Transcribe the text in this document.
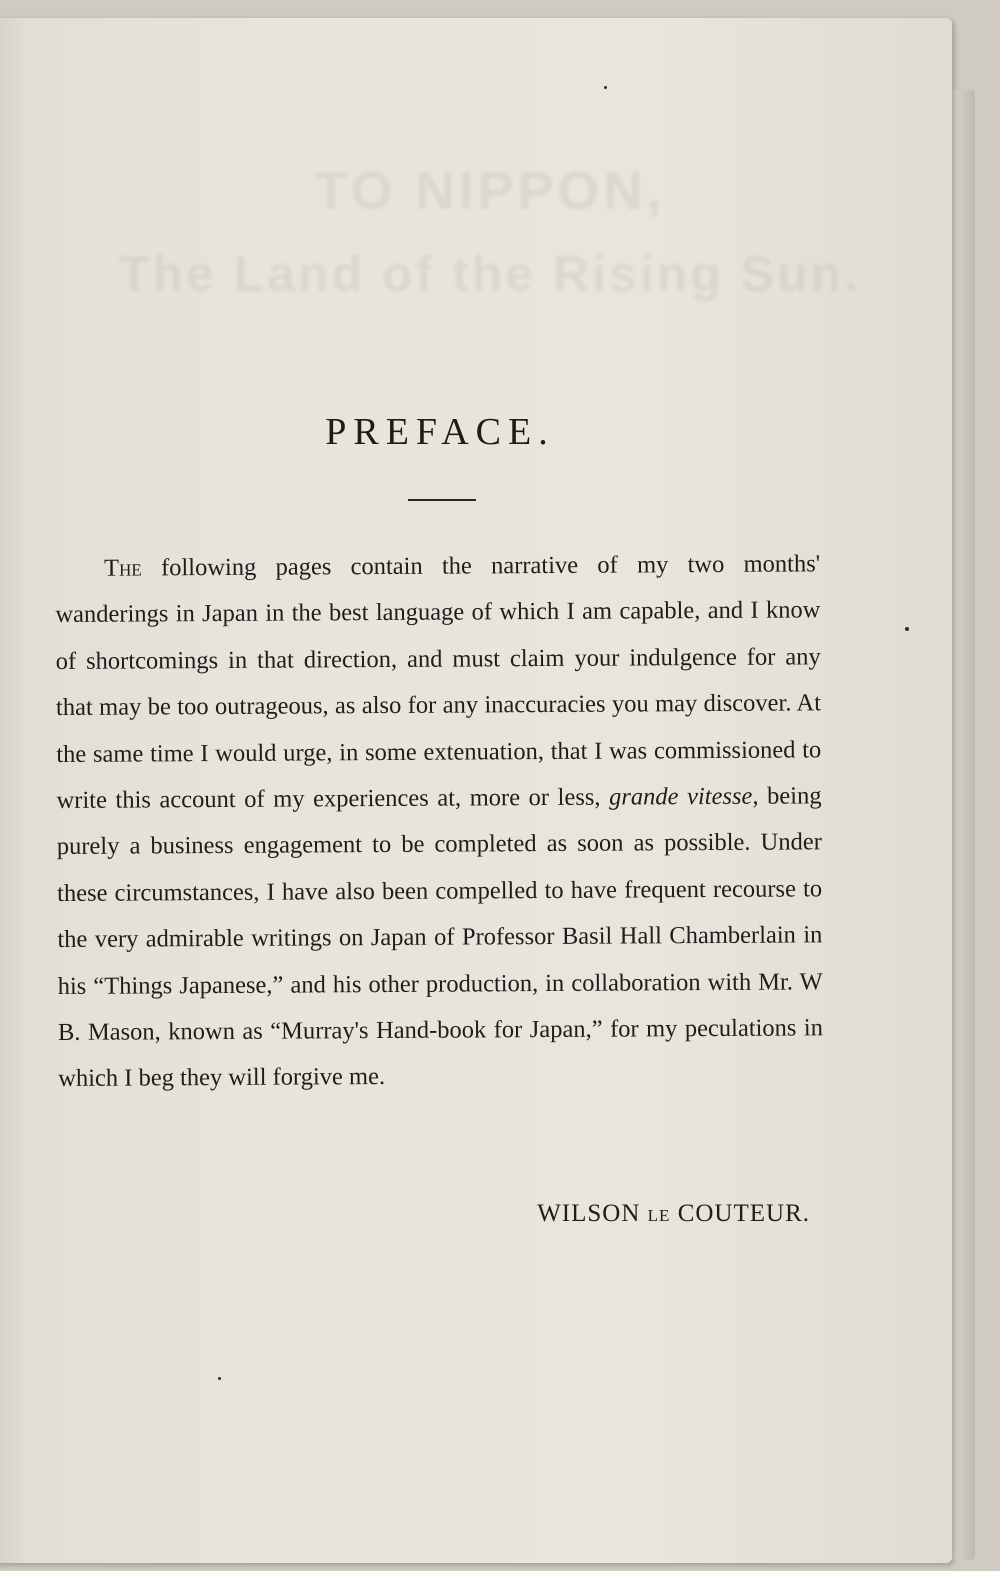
TO NIPPON,
The Land of the Rising Sun.
PREFACE.
  The following pages contain the narrative of my two months' wanderings in Japan in the best language of which I am capable, and I know of shortcomings in that direction, and must claim your indulgence for any that may be too outrageous, as also for any inaccuracies you may discover. At the same time I would urge, in some extenuation, that I was commissioned to write this account of my experiences at, more or less, grande vitesse, being purely a business engagement to be completed as soon as possible. Under these circumstances, I have also been compelled to have frequent recourse to the very admirable writings on Japan of Professor Basil Hall Chamberlain in his “Things Japanese,” and his other production, in collaboration with Mr. W B. Mason, known as “Murray's Hand-book for Japan,” for my peculations in which I beg they will forgive me.
WILSON LE COUTEUR.
